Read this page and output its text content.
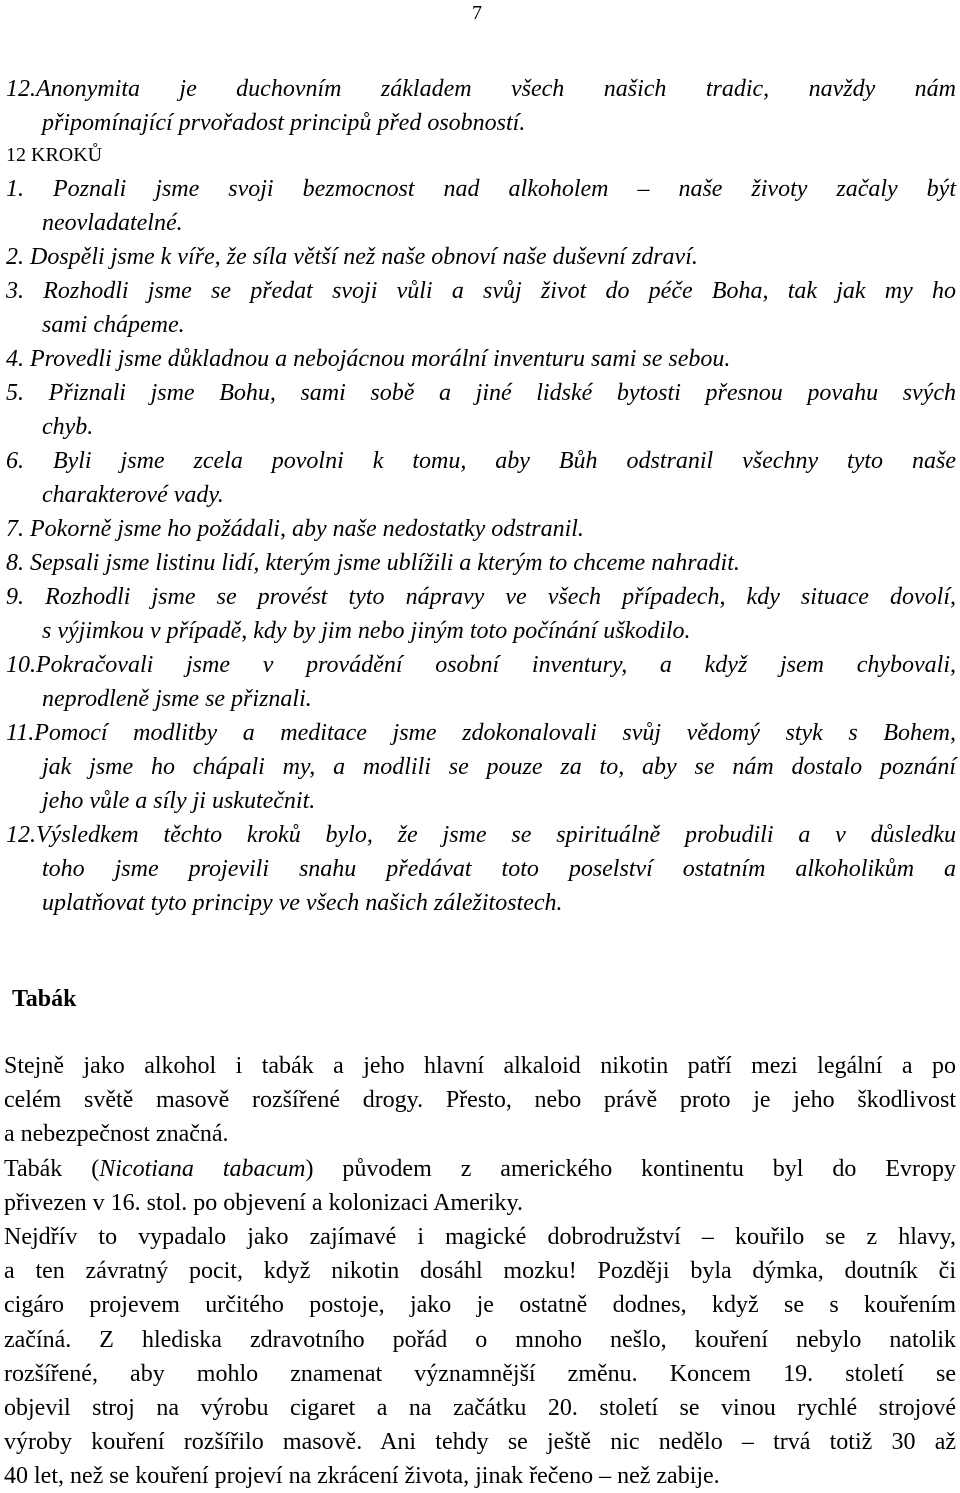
7
12.Anonymita je duchovním základem všech našich tradic, navždy nám
připomínající prvořadost principů před osobností.
12 KROKŮ
1. Poznali jsme svoji bezmocnost nad alkoholem – naše životy začaly být
neovladatelné.
2. Dospěli jsme k víře, že síla větší než naše obnoví naše duševní zdraví.
3. Rozhodli jsme se předat svoji vůli a svůj život do péče Boha, tak jak my ho
sami chápeme.
4. Provedli jsme důkladnou a nebojácnou morální inventuru sami se sebou.
5. Přiznali jsme Bohu, sami sobě a jiné lidské bytosti přesnou povahu svých
chyb.
6. Byli jsme zcela povolni k tomu, aby Bůh odstranil všechny tyto naše
charakterové vady.
7. Pokorně jsme ho požádali, aby naše nedostatky odstranil.
8. Sepsali jsme listinu lidí, kterým jsme ublížili a kterým to chceme nahradit.
9. Rozhodli jsme se provést tyto nápravy ve všech případech, kdy situace dovolí,
s výjimkou v případě, kdy by jim nebo jiným toto počínání uškodilo.
10.Pokračovali jsme v provádění osobní inventury, a když jsem chybovali,
neprodleně jsme se přiznali.
11.Pomocí modlitby a meditace jsme zdokonalovali svůj vědomý styk s Bohem,
jak jsme ho chápali my, a modlili se pouze za to, aby se nám dostalo poznání
jeho vůle a síly ji uskutečnit.
12.Výsledkem těchto kroků bylo, že jsme se spirituálně probudili a v důsledku
toho jsme projevili snahu předávat toto poselství ostatním alkoholikům a
uplatňovat tyto principy ve všech našich záležitostech.
Tabák
Stejně jako alkohol i tabák a jeho hlavní alkaloid nikotin patří mezi legální a po
celém světě masově rozšířené drogy. Přesto, nebo právě proto je jeho škodlivost
a nebezpečnost značná.
Tabák (Nicotiana tabacum) původem z amerického kontinentu byl do Evropy
přivezen v 16. stol. po objevení a kolonizaci Ameriky.
Nejdřív to vypadalo jako zajímavé i magické dobrodružství – kouřilo se z hlavy,
a ten závratný pocit, když nikotin dosáhl mozku! Později byla dýmka, doutník či
cigáro projevem určitého postoje, jako je ostatně dodnes, když se s kouřením
začíná. Z hlediska zdravotního pořád o mnoho nešlo, kouření nebylo natolik
rozšířené, aby mohlo znamenat významnější změnu. Koncem 19. století se
objevil stroj na výrobu cigaret a na začátku 20. století se vinou rychlé strojové
výroby kouření rozšířilo masově. Ani tehdy se ještě nic nedělo – trvá totiž 30 až
40 let, než se kouření projeví na zkrácení života, jinak řečeno – než zabije.
